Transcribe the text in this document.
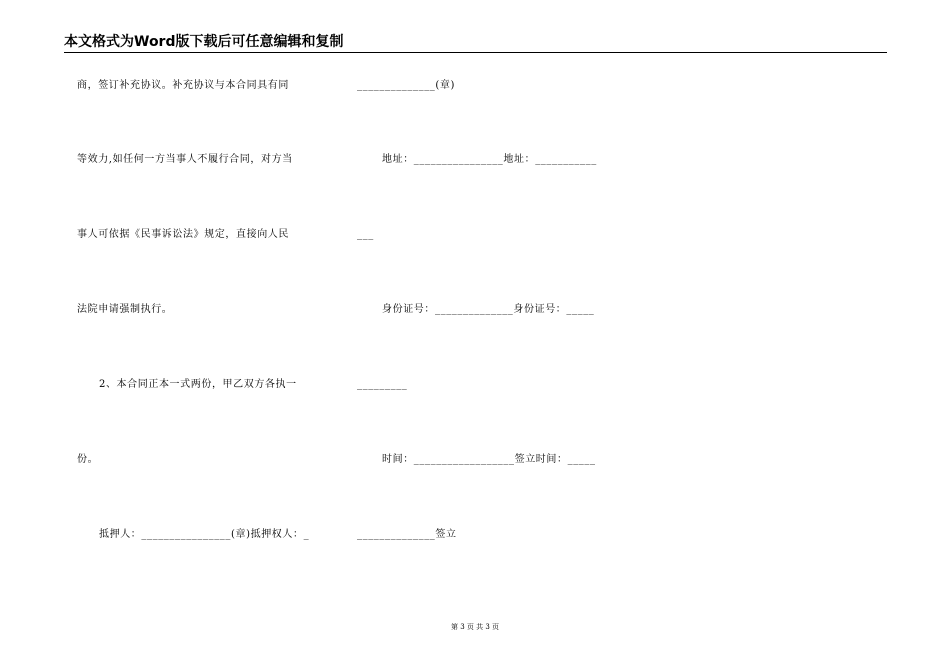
本文格式为Word版下载后可任意编辑和复制
商，签订补充协议。补充协议与本合同具有同
等效力,如任何一方当事人不履行合同，对方当
事人可依据《民事诉讼法》规定，直接向人民
法院申请强制执行。
2、本合同正本一式两份，甲乙双方各执一
份。
抵押人：________________(章)抵押权人：_
______________(章)
地址：________________地址：___________
___
身份证号：______________身份证号：_____
_________
时间：__________________签立时间：_____
______________签立
第 3 页 共 3 页
